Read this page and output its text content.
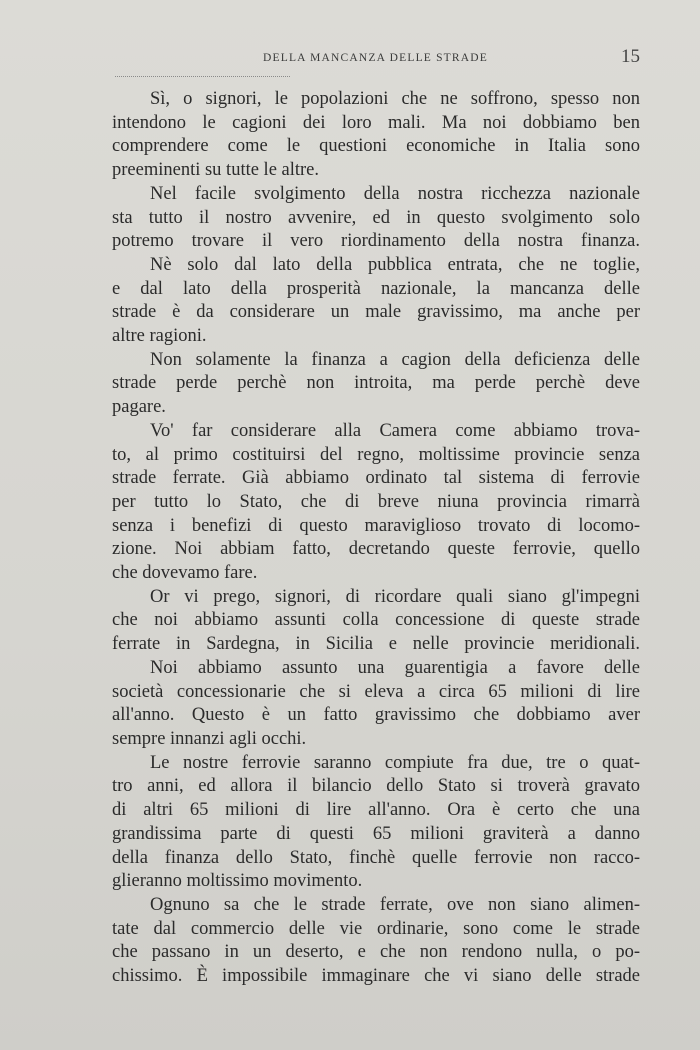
DELLA MANCANZA DELLE STRADE	15
Sì, o signori, le popolazioni che ne soffrono, spesso non
intendono le cagioni dei loro mali. Ma noi dobbiamo ben
comprendere come le questioni economiche in Italia sono
preeminenti su tutte le altre.
Nel facile svolgimento della nostra ricchezza nazionale
sta tutto il nostro avvenire, ed in questo svolgimento solo
potremo trovare il vero riordinamento della nostra finanza.
Nè solo dal lato della pubblica entrata, che ne toglie,
e dal lato della prosperità nazionale, la mancanza delle
strade è da considerare un male gravissimo, ma anche per
altre ragioni.
Non solamente la finanza a cagion della deficienza delle
strade perde perchè non introita, ma perde perchè deve
pagare.
Vo' far considerare alla Camera come abbiamo trova-
to, al primo costituirsi del regno, moltissime provincie senza
strade ferrate. Già abbiamo ordinato tal sistema di ferrovie
per tutto lo Stato, che di breve niuna provincia rimarrà
senza i benefizi di questo maraviglioso trovato di locomo-
zione. Noi abbiam fatto, decretando queste ferrovie, quello
che dovevamo fare.
Or vi prego, signori, di ricordare quali siano gl'impegni
che noi abbiamo assunti colla concessione di queste strade
ferrate in Sardegna, in Sicilia e nelle provincie meridionali.
Noi abbiamo assunto una guarentigia a favore delle
società concessionarie che si eleva a circa 65 milioni di lire
all'anno. Questo è un fatto gravissimo che dobbiamo aver
sempre innanzi agli occhi.
Le nostre ferrovie saranno compiute fra due, tre o quat-
tro anni, ed allora il bilancio dello Stato si troverà gravato
di altri 65 milioni di lire all'anno. Ora è certo che una
grandissima parte di questi 65 milioni graviterà a danno
della finanza dello Stato, finchè quelle ferrovie non racco-
glieranno moltissimo movimento.
Ognuno sa che le strade ferrate, ove non siano alimen-
tate dal commercio delle vie ordinarie, sono come le strade
che passano in un deserto, e che non rendono nulla, o po-
chissimo. È impossibile immaginare che vi siano delle strade
